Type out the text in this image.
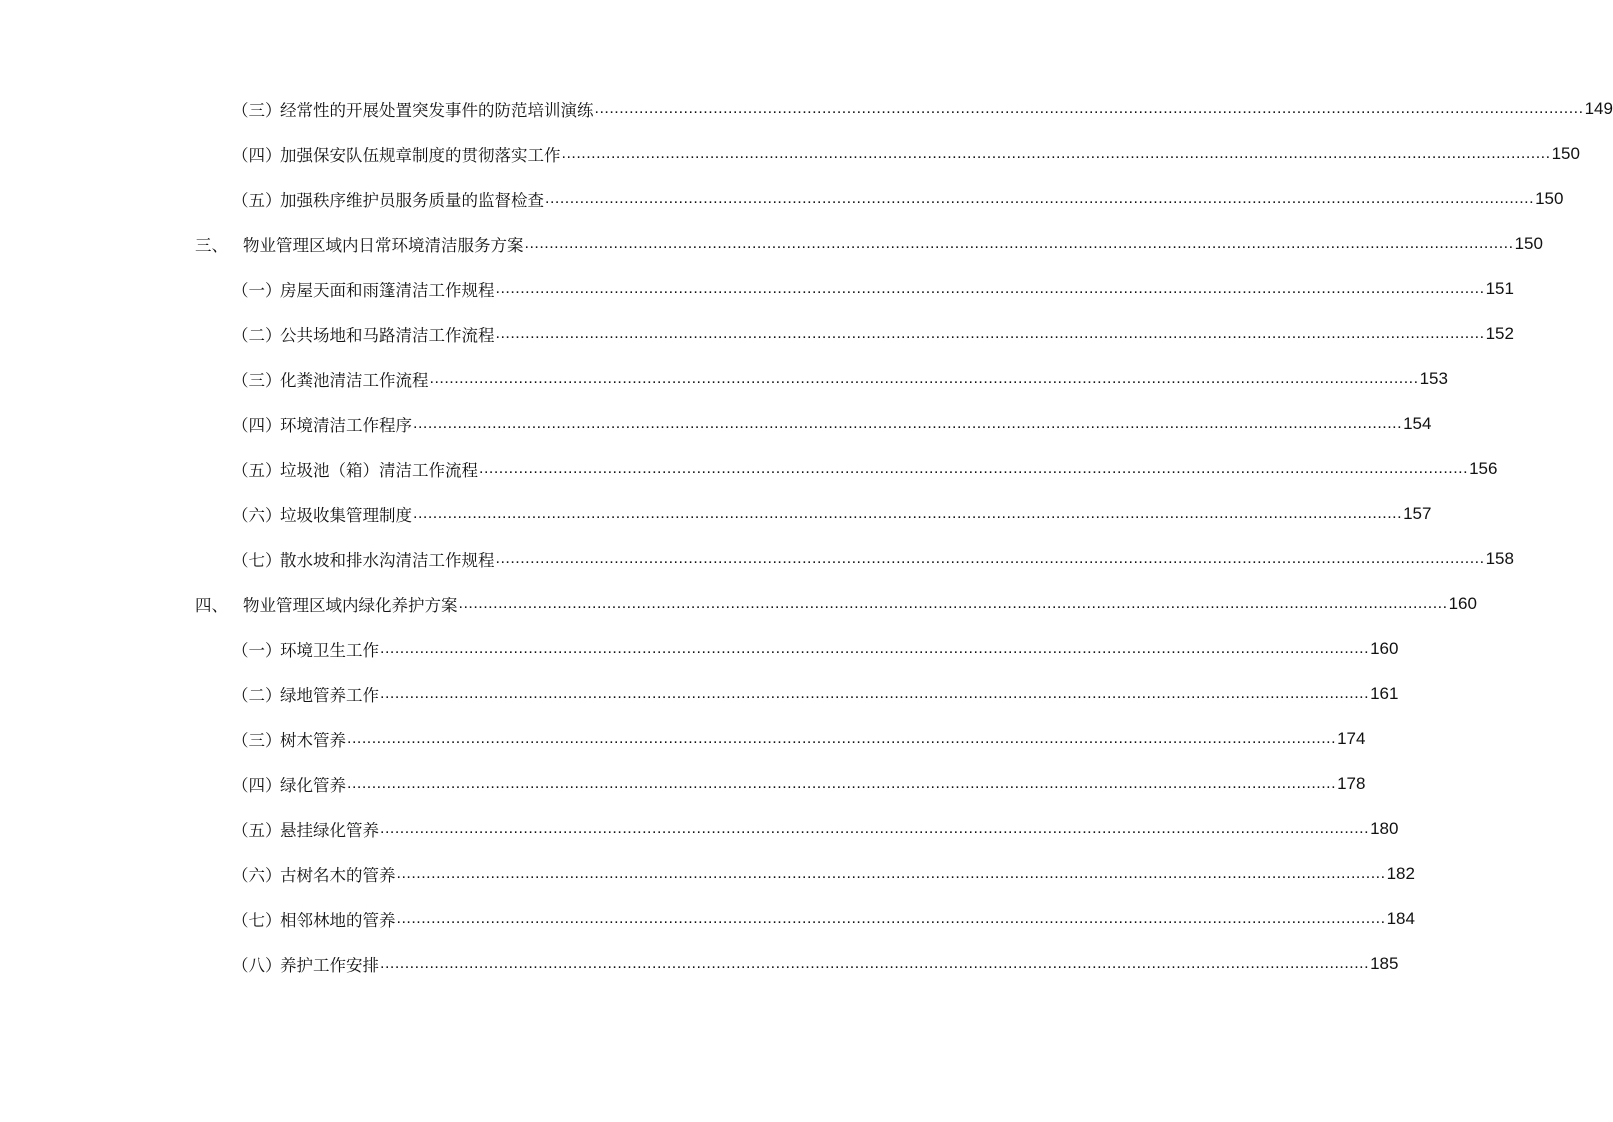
（三）
经常性的开展处置突发事件的防范培训演练 ........................................................................................................................................................................................................ 149
（四）
加强保安队伍规章制度的贯彻落实工作 ........................................................................................................................................................................................................ 150
（五）
加强秩序维护员服务质量的监督检查 ........................................................................................................................................................................................................ 150
三、 物业管理区域内日常环境清洁服务方案 ........................................................................................................................................................................................................ 150
（一）
房屋天面和雨篷清洁工作规程 ........................................................................................................................................................................................................ 151
（二）
公共场地和马路清洁工作流程 ........................................................................................................................................................................................................ 152
（三）
化粪池清洁工作流程 ........................................................................................................................................................................................................ 153
（四）
环境清洁工作程序 ........................................................................................................................................................................................................ 154
（五）
垃圾池（箱）清洁工作流程 ........................................................................................................................................................................................................ 156
（六）
垃圾收集管理制度 ........................................................................................................................................................................................................ 157
（七）
散水坡和排水沟清洁工作规程 ........................................................................................................................................................................................................ 158
四、 物业管理区域内绿化养护方案 ........................................................................................................................................................................................................ 160
（一）
环境卫生工作 ........................................................................................................................................................................................................ 160
（二）
绿地管养工作 ........................................................................................................................................................................................................ 161
（三）
树木管养 ........................................................................................................................................................................................................ 174
（四）
绿化管养 ........................................................................................................................................................................................................ 178
（五）
悬挂绿化管养 ........................................................................................................................................................................................................ 180
（六）
古树名木的管养 ........................................................................................................................................................................................................ 182
（七）
相邻林地的管养 ........................................................................................................................................................................................................ 184
（八）
养护工作安排 ........................................................................................................................................................................................................ 185
